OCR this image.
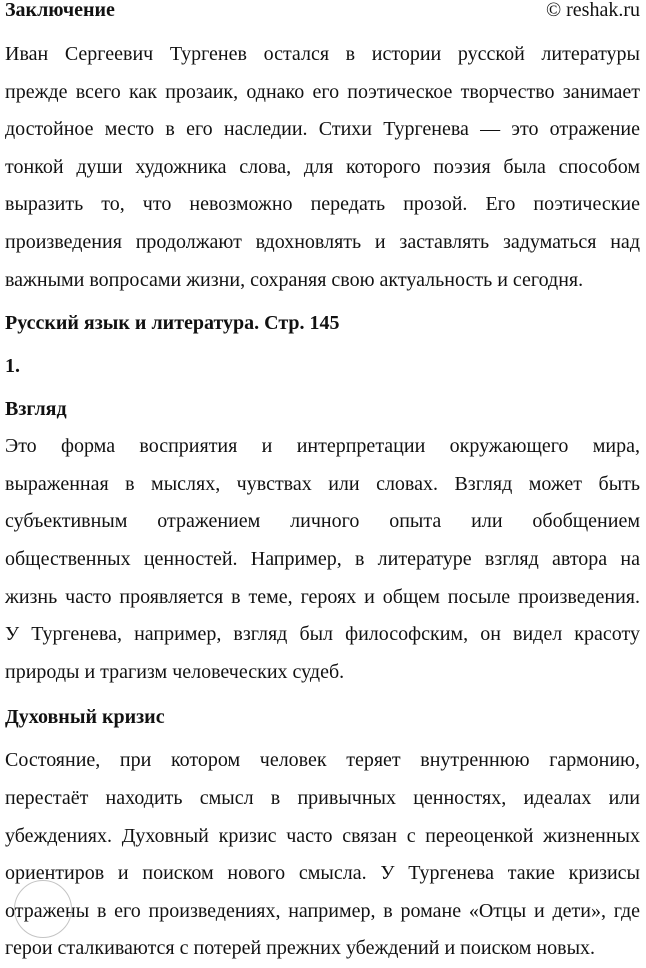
Заключение	© reshak.ru
Иван Сергеевич Тургенев остался в истории русской литературы
прежде всего как прозаик, однако его поэтическое творчество занимает
достойное место в его наследии. Стихи Тургенева — это отражение
тонкой души художника слова, для которого поэзия была способом
выразить то, что невозможно передать прозой. Его поэтические
произведения продолжают вдохновлять и заставлять задуматься над
важными вопросами жизни, сохраняя свою актуальность и сегодня.
Русский язык и литература. Стр. 145
1.
Взгляд
Это форма восприятия и интерпретации окружающего мира,
выраженная в мыслях, чувствах или словах. Взгляд может быть
субъективным отражением личного опыта или обобщением
общественных ценностей. Например, в литературе взгляд автора на
жизнь часто проявляется в теме, героях и общем посыле произведения.
У Тургенева, например, взгляд был философским, он видел красоту
природы и трагизм человеческих судеб.
Духовный кризис
Состояние, при котором человек теряет внутреннюю гармонию,
перестаёт находить смысл в привычных ценностях, идеалах или
убеждениях. Духовный кризис часто связан с переоценкой жизненных
ориентиров и поиском нового смысла. У Тургенева такие кризисы
отражены в его произведениях, например, в романе «Отцы и дети», где
герои сталкиваются с потерей прежних убеждений и поиском новых.
